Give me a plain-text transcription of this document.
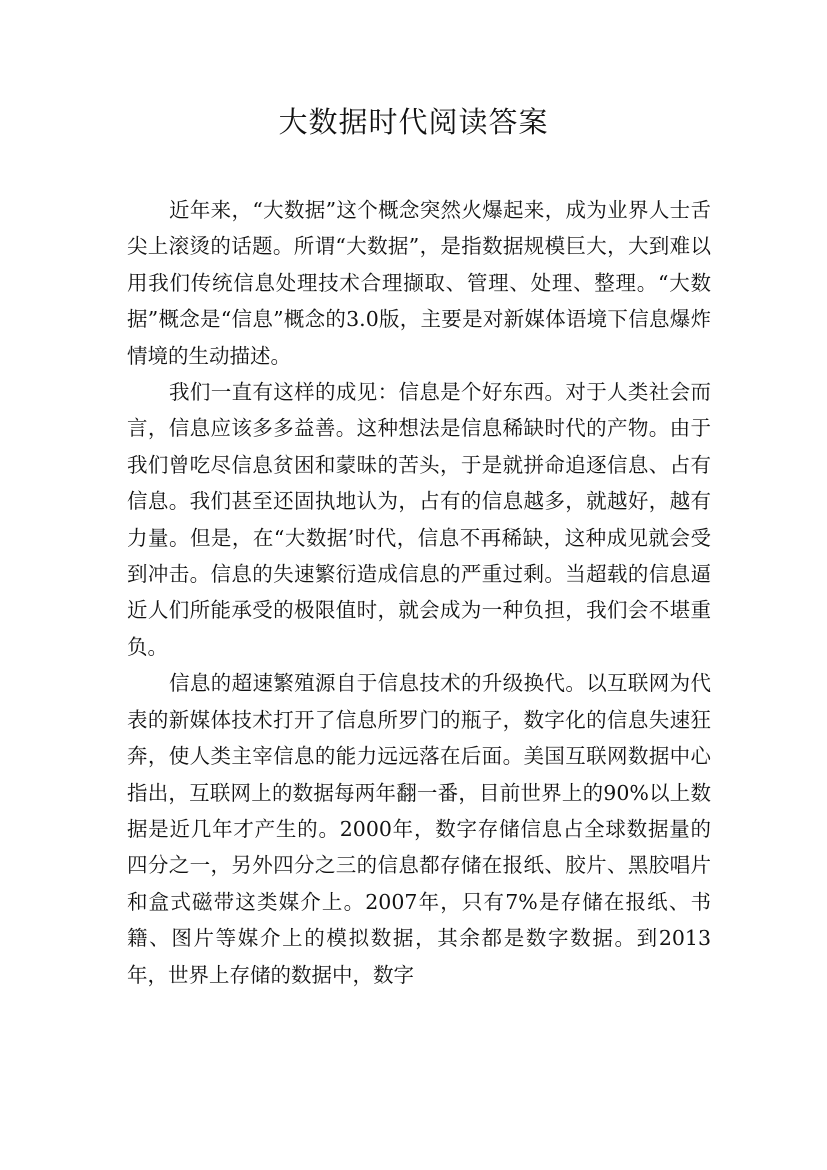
大数据时代阅读答案

近年来，“大数据”这个概念突然火爆起来，成为业界人士舌尖上滚烫的话题。所谓“大数据”，是指数据规模巨大，大到难以用我们传统信息处理技术合理撷取、管理、处理、整理。“大数据”概念是“信息”概念的3.0版，主要是对新媒体语境下信息爆炸情境的生动描述。

我们一直有这样的成见：信息是个好东西。对于人类社会而言，信息应该多多益善。这种想法是信息稀缺时代的产物。由于我们曾吃尽信息贫困和蒙昧的苦头，于是就拼命追逐信息、占有信息。我们甚至还固执地认为，占有的信息越多，就越好，越有力量。但是，在“大数据’时代，信息不再稀缺，这种成见就会受到冲击。信息的失速繁衍造成信息的严重过剩。当超载的信息逼近人们所能承受的极限值时，就会成为一种负担，我们会不堪重负。

信息的超速繁殖源自于信息技术的升级换代。以互联网为代表的新媒体技术打开了信息所罗门的瓶子，数字化的信息失速狂奔，使人类主宰信息的能力远远落在后面。美国互联网数据中心指出，互联网上的数据每两年翻一番，目前世界上的90%以上数据是近几年才产生的。2000年，数字存储信息占全球数据量的四分之一，另外四分之三的信息都存储在报纸、胶片、黑胶唱片和盒式磁带这类媒介上。2007年，只有7%是存储在报纸、书籍、图片等媒介上的模拟数据，其余都是数字数据。到2013年，世界上存储的数据中，数字
